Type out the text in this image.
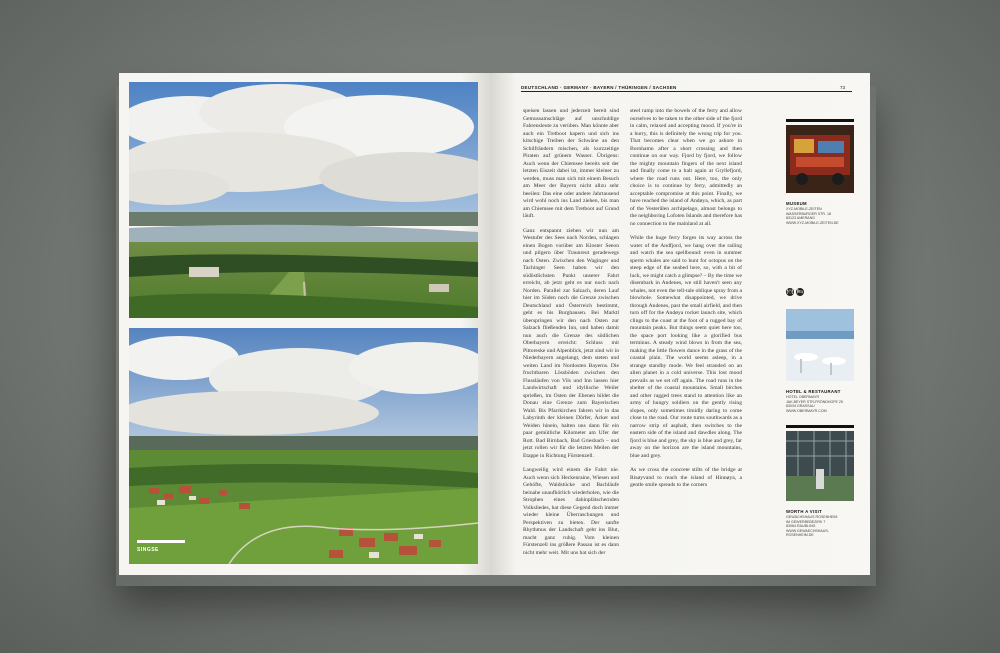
SINGSE
DEUTSCHLAND · GERMANY · BAYERN / THÜRINGEN / SACHSEN	73

speisen lassen und jederzeit bereit sind Gemussamschläge auf unschuldige Fahrensleute zu verüben. Man könnte aber auch ein Tretboot kapern und sich ins kitschige Treiben der Schwäne an den Schilfrändern mischen, als kurzzeitige Piraten auf grünem Wasser. Übrigens: Auch wenn der Chiemsee bereits seit der letzten Eiszeit dabei ist, immer kleiner zu werden, muss man sich mit einem Besuch am Meer der Bayern nicht allzu sehr beeilen: Das eine oder andere Jahrtausend wird wohl noch ins Land ziehen, bis man am Chiemsee mit dem Tretboot auf Grund läuft.

Ganz entspannt ziehen wir nun am Westufer des Sees nach Norden, schlagen einen Bogen vorüber am Kloster Seeon und pilgern über Traunreut geradewegs nach Osten. Zwischen den Waginger und Tachinger Seen haben wir den südöstlichsten Punkt unserer Fahrt erreicht, ab jetzt geht es nur noch nach Norden. Parallel zur Salzach, deren Lauf hier im Süden noch die Grenze zwischen Deutschland und Österreich bestimmt, geht es bis Burghausen. Bei Marktl überspringen wir den nach Osten zur Salzach fließenden Inn, und haben damit nun auch die Grenze des südlichen Oberbayern erreicht: Schluss mit Pittoreske und Alpenblick, jetzt sind wir in Niederbayern angelangt, dem steten und weiten Land im Nordosten Bayerns. Die fruchtbaren Lössböden zwischen den Flussläufen von Vils und Inn lassen hier Landwirtschaft und idyllische Weiler sprießen, im Osten der Ebenen bildet die Donau eine Grenze zum Bayerischen Wald. Bis Pfarrkirchen fahren wir in das Labyrinth der kleinen Dörfer, Äcker und Weiden hinein, halten uns dann für ein paar gemütliche Kilometer am Ufer der Rott. Bad Birnbach, Bad Griesbach – und jetzt rollen wir für die letzten Meilen der Etappe in Richtung Fürstenzell.

Langweilig wird einem die Fahrt nie. Auch wenn sich Heckenraine, Wiesen und Gehöfte, Waldstücke und Bachläufe beinahe unaufhörlich wiederholen, wie die Strophen eines dahinplätschernden Volksliedes, hat diese Gegend doch immer wieder kleine Überraschungen und Perspektiven zu bieten. Der sanfte Rhythmus der Landschaft geht ins Blut, macht ganz ruhig. Vom kleinen Fürstenzell ins größere Passau ist es dann nicht mehr weit. Mit uns hat sich der

steel ramp into the bowels of the ferry and allow ourselves to be taken to the other side of the fjord in calm, relaxed and accepting mood. If you're in a hurry, this is definitely the wrong trip for you. That becomes clear when we go ashore in Bornhamn after a short crossing and then continue on our way. Fjord by fjord, we follow the mighty mountain fingers of the next island and finally come to a halt again at Gryllefjord, where the road runs out. Here, too, the only choice is to continue by ferry, admittedly an acceptable compromise at this point. Finally, we have reached the island of Andøya, which, as part of the Vesterålen archipelago, almost belongs to the neighboring Lofoten Islands and therefore has no connection to the mainland at all.

While the huge ferry forges its way across the water of the Andfjord, we hang over the railing and watch the sea spellbound: even in summer sperm whales are said to hunt for octopus on the steep edge of the seabed here, so, with a bit of luck, we might catch a glimpse? – By the time we disembark in Andenes, we still haven't seen any whales, not even the tell-tale oblique spray from a blowhole. Somewhat disappointed, we drive through Andenes, past the small airfield, and then turn off for the Andøya rocket launch site, which clings to the coast at the foot of a rugged bay of mountain peaks. But things seem quiet here too, the space port looking like a glorified bus terminus. A steady wind blows in from the sea, making the little flowers dance in the grass of the coastal plain. The world seems asleep, in a strange standby mode. We feel stranded on an alien planet in a cold universe. This lost mood prevails as we set off again. The road runs in the shelter of the coastal mountains. Small birches and other ragged trees stand to attention like an army of hungry soldiers on the gently rising slopes, only sometimes timidly daring to come close to the road. Our route turns southwards as a narrow strip of asphalt, then switches to the eastern side of the island and dawdles along. The fjord is blue and grey, the sky is blue and grey, far away on the horizon are the island mountains, blue and grey.

As we cross the concrete stilts of the bridge at Risøyvand to reach the island of Hinnøya, a gentle smile spreads to the corners

MUSEUM
XYZ-MOBILE-ZEITEN
WASSERBURGER STR. 18
83123 AMERANG
WWW.XYZ-MOBILE-ZEITEN.DE
🍽 🛏
HOTEL & RESTAURANT
HOTEL OBERMAYR
JAK.BEYER STR-FRÖNDHOFE 25
83034 GRASSAU
WWW.OBERMAYR.COM
WORTH A VISIT
GEWÄCHSHAUS ROSENHEIM
IM GEWERBEBEZIRK 7
83064 RAUBLING
WWW.GEWAECHSHAUS-ROSENHEIM.DE
